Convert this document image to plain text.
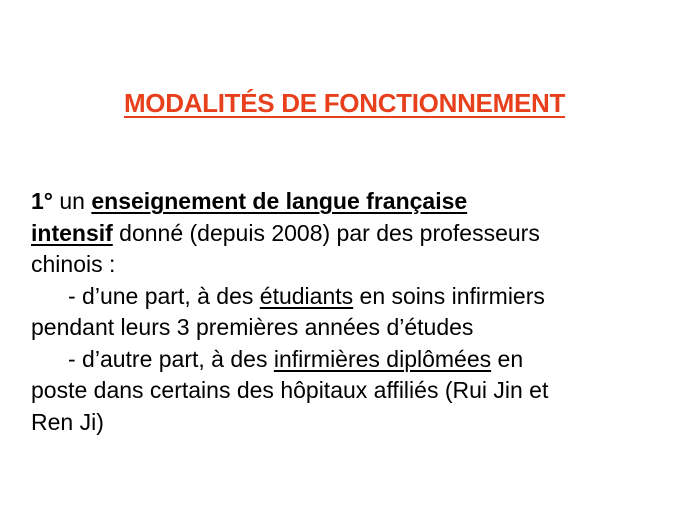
MODALITÉS DE FONCTIONNEMENT
1° un enseignement de langue française
intensif donné (depuis 2008) par des professeurs
chinois :
- d’une part, à des étudiants en soins infirmiers
pendant leurs 3 premières années d’études
- d’autre part, à des infirmières diplômées en
poste dans certains des hôpitaux affiliés (Rui Jin et
Ren Ji)
